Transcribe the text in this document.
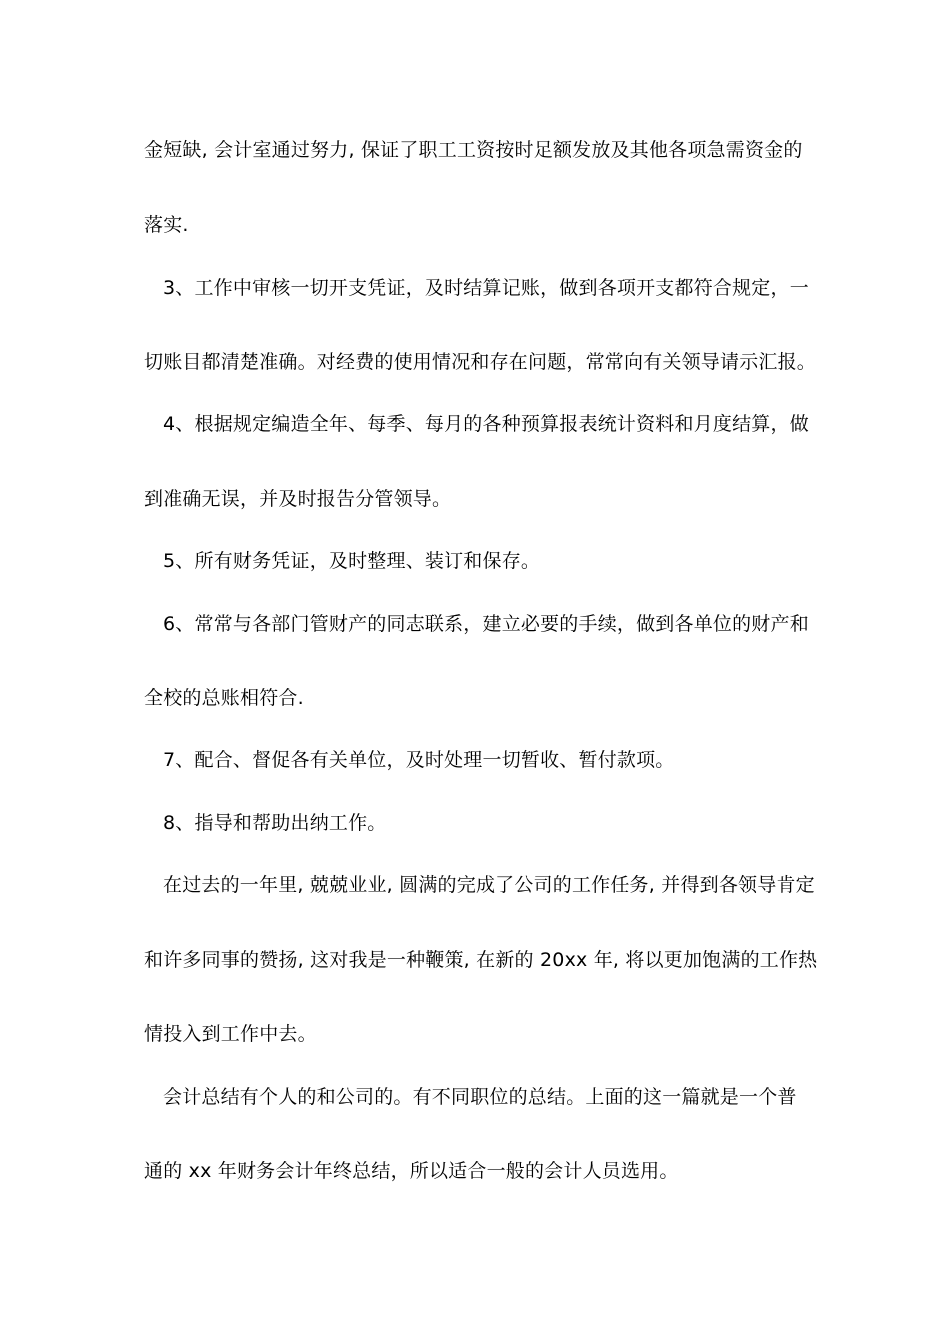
金短缺, 会计室通过努力, 保证了职工工资按时足额发放及其他各项急需资金的
落实.
3、工作中审核一切开支凭证，及时结算记账，做到各项开支都符合规定，一
切账目都清楚准确。对经费的使用情况和存在问题，常常向有关领导请示汇报。
4、根据规定编造全年、每季、每月的各种预算报表统计资料和月度结算，做
到准确无误，并及时报告分管领导。
5、所有财务凭证，及时整理、装订和保存。
6、常常与各部门管财产的同志联系，建立必要的手续，做到各单位的财产和
全校的总账相符合.
7、配合、督促各有关单位，及时处理一切暂收、暂付款项。
8、指导和帮助出纳工作。
在过去的一年里, 兢兢业业, 圆满的完成了公司的工作任务, 并得到各领导肯定
和许多同事的赞扬, 这对我是一种鞭策, 在新的 20xx 年, 将以更加饱满的工作热
情投入到工作中去。
会计总结有个人的和公司的。有不同职位的总结。上面的这一篇就是一个普
通的 xx 年财务会计年终总结，所以适合一般的会计人员选用。
